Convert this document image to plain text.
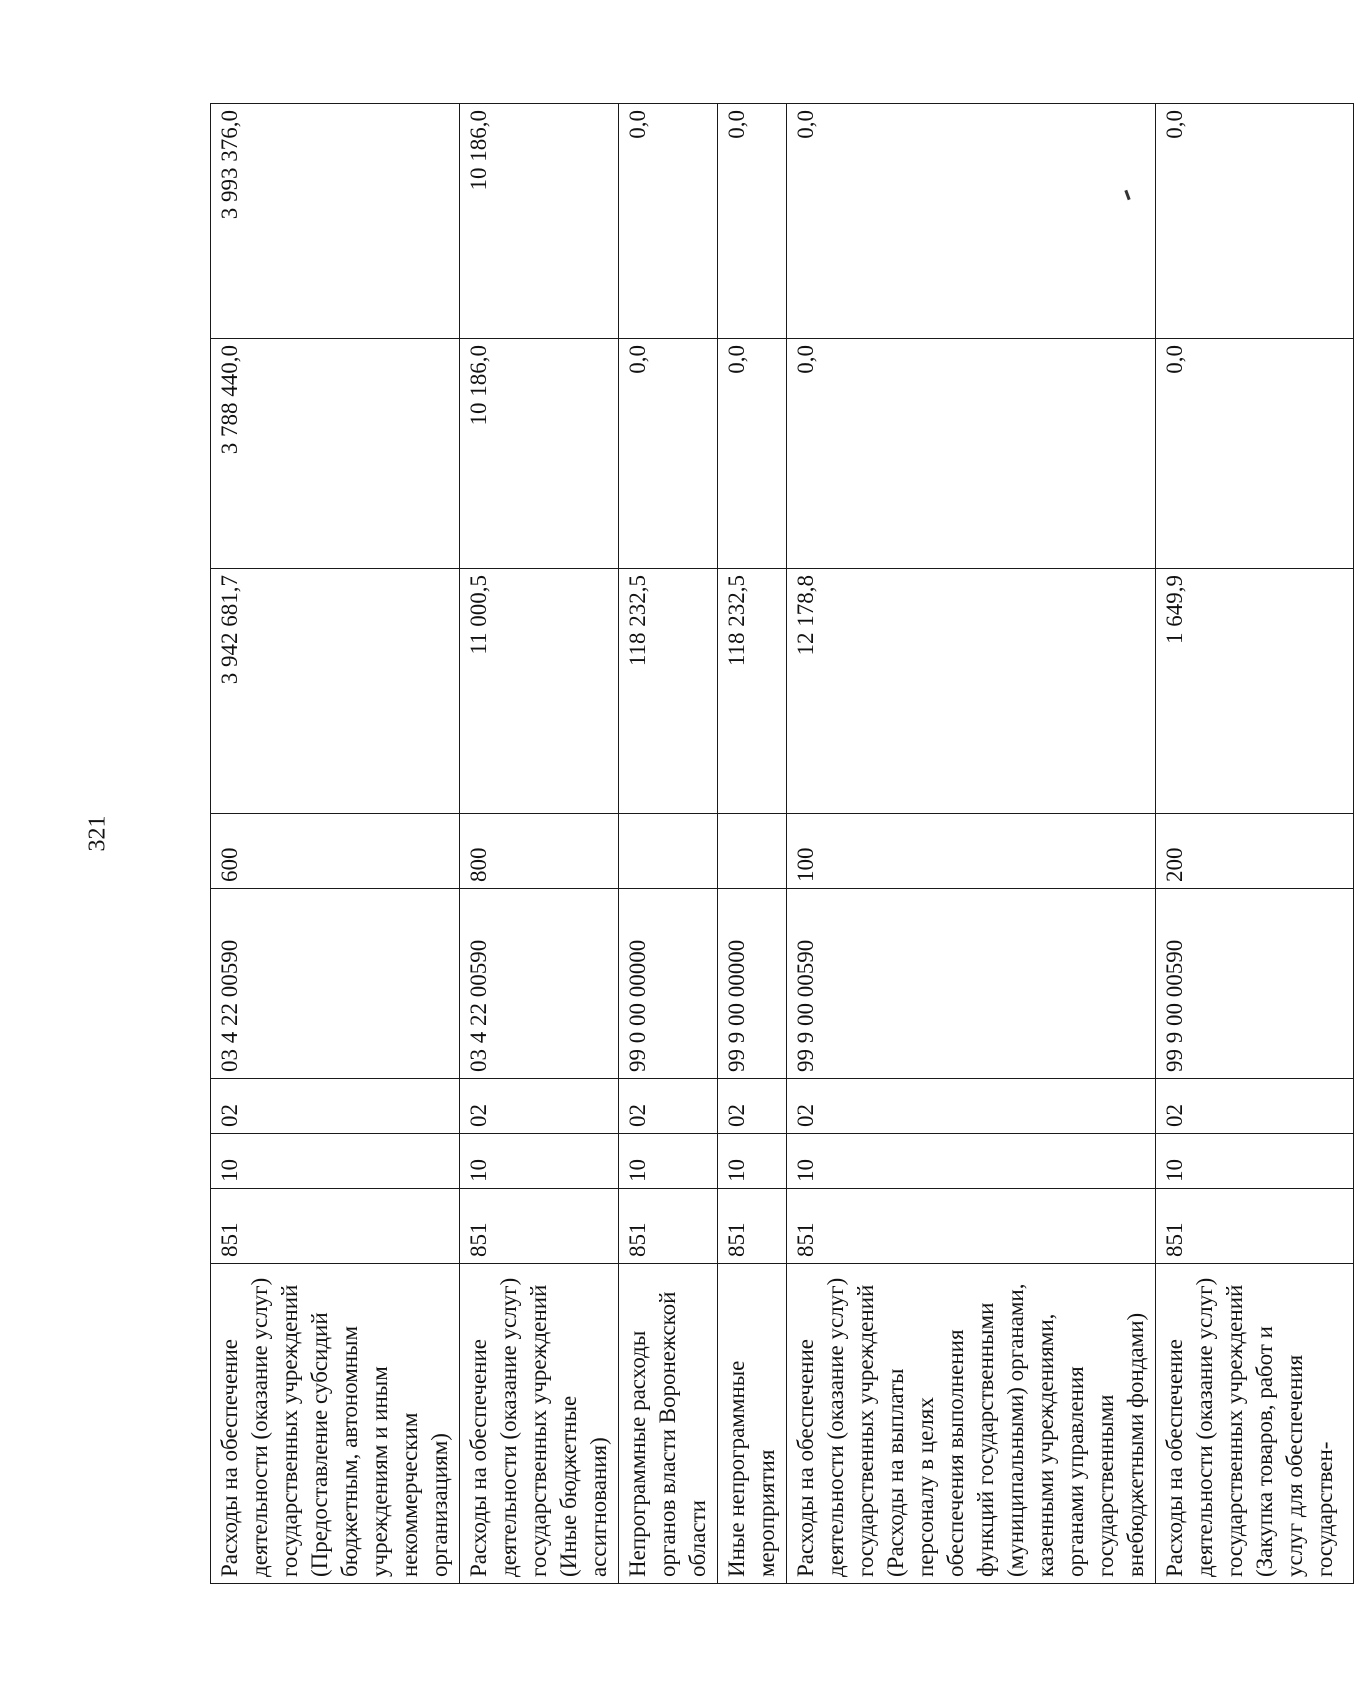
321
Расходы на обеспечение деятельности (оказание услуг) государственных учреждений (Предоставление субсидий бюджетным, автономным учреждениям и иным некоммерческим организациям)	851	10	02	03 4 22 00590	600	3 942 681,7	3 788 440,0	3 993 376,0
Расходы на обеспечение деятельности (оказание услуг) государственных учреждений (Иные бюджетные ассигнования)	851	10	02	03 4 22 00590	800	11 000,5	10 186,0	10 186,0
Непрограммные расходы органов власти Воронежской области	851	10	02	99 0 00 00000		118 232,5	0,0	0,0
Иные непрограммные мероприятия	851	10	02	99 9 00 00000		118 232,5	0,0	0,0
Расходы на обеспечение деятельности (оказание услуг) государственных учреждений (Расходы на выплаты персоналу в целях обеспечения выполнения функций государственными (муниципальными) органами, казенными учреждениями, органами управления государственными внебюджетными фондами)	851	10	02	99 9 00 00590	100	12 178,8	0,0	0,0
Расходы на обеспечение деятельности (оказание услуг) государственных учреждений (Закупка товаров, работ и услуг для обеспечения государствен-	851	10	02	99 9 00 00590	200	1 649,9	0,0	0,0
